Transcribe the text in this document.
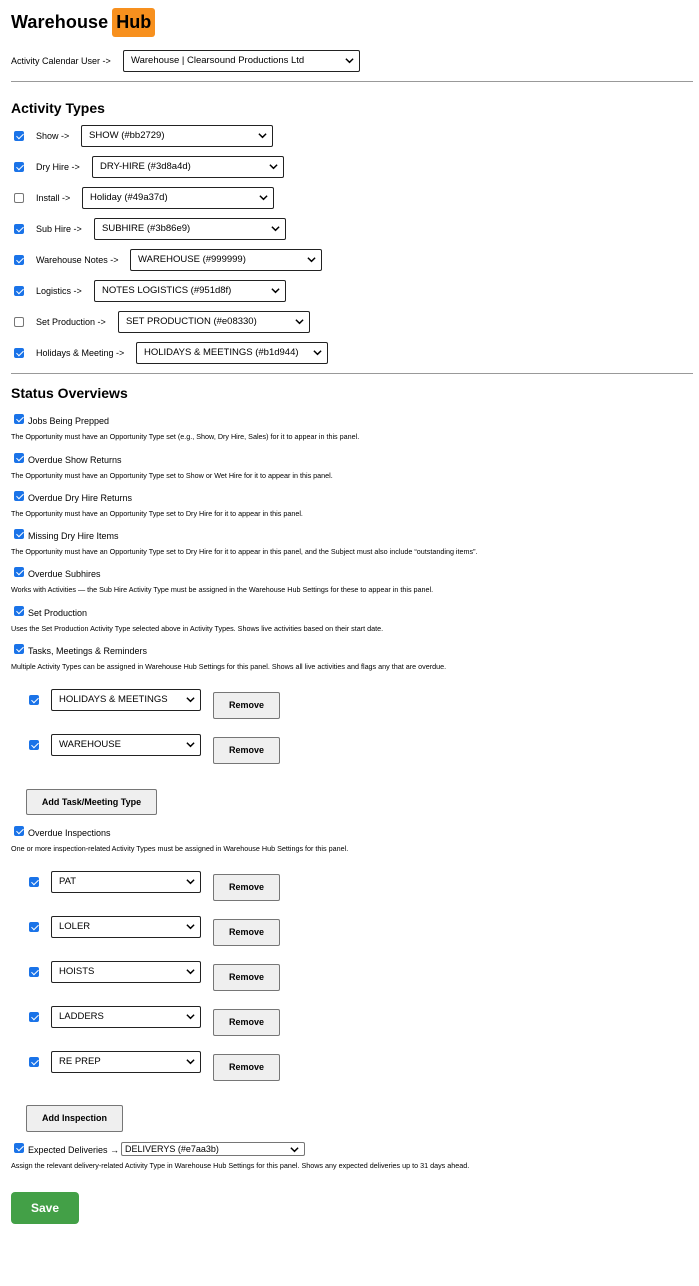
Warehouse Hub
Activity Calendar User ->	Warehouse | Clearsound Productions Ltd
Activity Types
Show ->	SHOW (#bb2729)
Dry Hire ->	DRY-HIRE (#3d8a4d)
Install ->	Holiday (#49a37d)
Sub Hire ->	SUBHIRE (#3b86e9)
Warehouse Notes ->	WAREHOUSE (#999999)
Logistics ->	NOTES LOGISTICS (#951d8f)
Set Production ->	SET PRODUCTION (#e08330)
Holidays & Meeting ->	HOLIDAYS & MEETINGS (#b1d944)
Status Overviews
Jobs Being Prepped
The Opportunity must have an Opportunity Type set (e.g., Show, Dry Hire, Sales) for it to appear in this panel.
Overdue Show Returns
The Opportunity must have an Opportunity Type set to Show or Wet Hire for it to appear in this panel.
Overdue Dry Hire Returns
The Opportunity must have an Opportunity Type set to Dry Hire for it to appear in this panel.
Missing Dry Hire Items
The Opportunity must have an Opportunity Type set to Dry Hire for it to appear in this panel, and the Subject must also include “outstanding items”.
Overdue Subhires
Works with Activities — the Sub Hire Activity Type must be assigned in the Warehouse Hub Settings for these to appear in this panel.
Set Production
Uses the Set Production Activity Type selected above in Activity Types. Shows live activities based on their start date.
Tasks, Meetings & Reminders
Multiple Activity Types can be assigned in Warehouse Hub Settings for this panel. Shows all live activities and flags any that are overdue.
HOLIDAYS & MEETINGS	Remove
WAREHOUSE	Remove
Add Task/Meeting Type
Overdue Inspections
One or more inspection-related Activity Types must be assigned in Warehouse Hub Settings for this panel.
PAT	Remove
LOLER	Remove
HOISTS	Remove
LADDERS	Remove
RE PREP	Remove
Add Inspection
Expected Deliveries → DELIVERYS (#e7aa3b)
Assign the relevant delivery-related Activity Type in Warehouse Hub Settings for this panel. Shows any expected deliveries up to 31 days ahead.
Save
